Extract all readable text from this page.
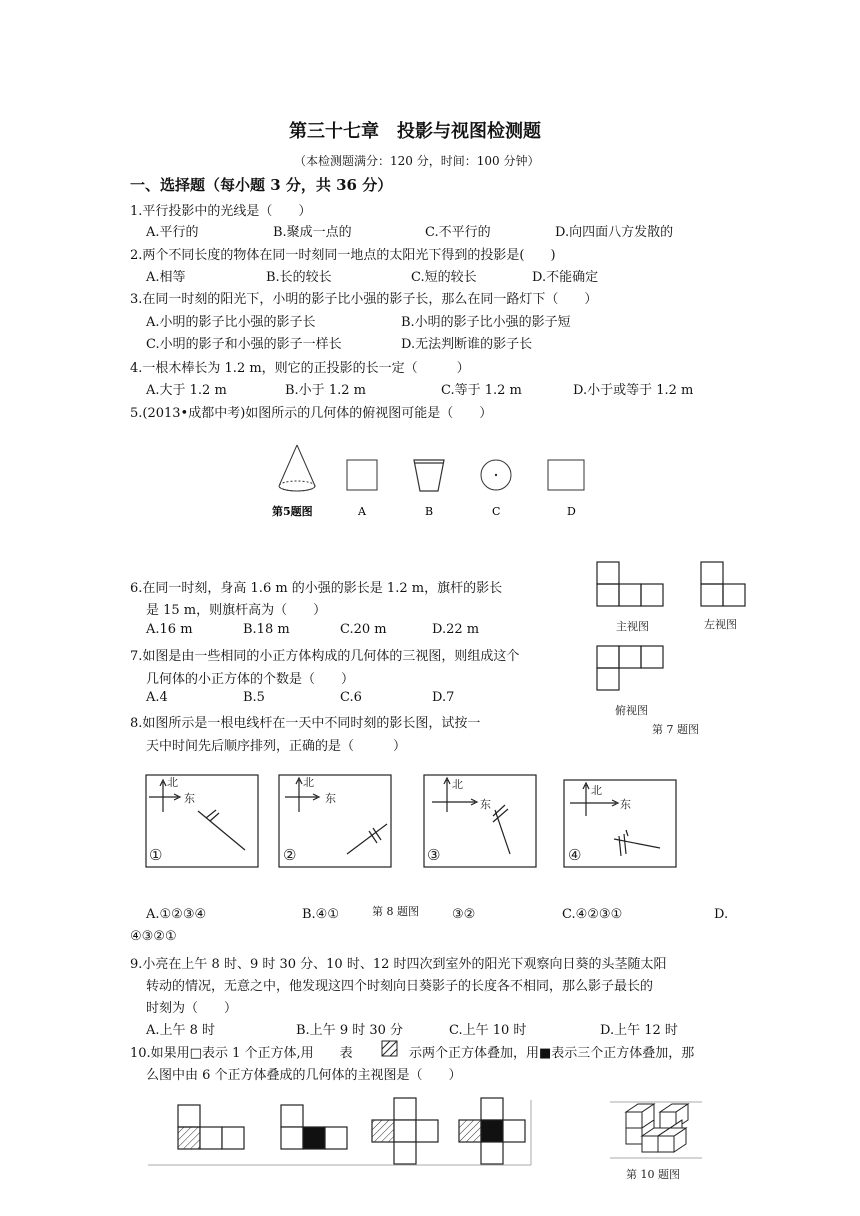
第三十七章　投影与视图检测题
（本检测题满分：120 分，时间：100 分钟）
一、选择题（每小题 3 分，共 36 分）
1.平行投影中的光线是（　　）
A.平行的	B.聚成一点的	C.不平行的	D.向四面八方发散的
2.两个不同长度的物体在同一时刻同一地点的太阳光下得到的投影是(　　)
A.相等	B.长的较长	C.短的较长	D.不能确定
3.在同一时刻的阳光下，小明的影子比小强的影子长，那么在同一路灯下（　　）
A.小明的影子比小强的影子长	B.小明的影子比小强的影子短
C.小明的影子和小强的影子一样长	D.无法判断谁的影子长
4.一根木棒长为 1.2 m，则它的正投影的长一定（　　　）
A.大于 1.2 m	B.小于 1.2 m	C.等于 1.2 m	D.小于或等于 1.2 m
5.(2013•成都中考)如图所示的几何体的俯视图可能是（　　）
第5题图	A	B	C	D
6.在同一时刻，身高 1.6 m 的小强的影长是 1.2 m，旗杆的影长
是 15 m，则旗杆高为（　　）
A.16 m	B.18 m	C.20 m	D.22 m	主视图	左视图
俯视图
第 7 题图
7.如图是由一些相同的小正方体构成的几何体的三视图，则组成这个
几何体的小正方体的个数是（　　）
A.4	B.5	C.6	D.7
8.如图所示是一根电线杆在一天中不同时刻的影长图，试按一
天中时间先后顺序排列，正确的是（　　　）
北
东
北
东
北
东
北
东
①	②	③	④
第 8 题图
A.①②③④	B.④①	③②	C.④②③①	D.
④③②①
9.小亮在上午 8 时、9 时 30 分、10 时、12 时四次到室外的阳光下观察向日葵的头茎随太阳
转动的情况，无意之中，他发现这四个时刻向日葵影子的长度各不相同，那么影子最长的
时刻为（　　）
A.上午 8 时	B.上午 9 时 30 分	C.上午 10 时	D.上午 12 时
10.如果用□表示 1 个正方体,用　　表	示两个正方体叠加，用■表示三个正方体叠加，那
么图中由 6 个正方体叠成的几何体的主视图是（　　）
第 10 题图
